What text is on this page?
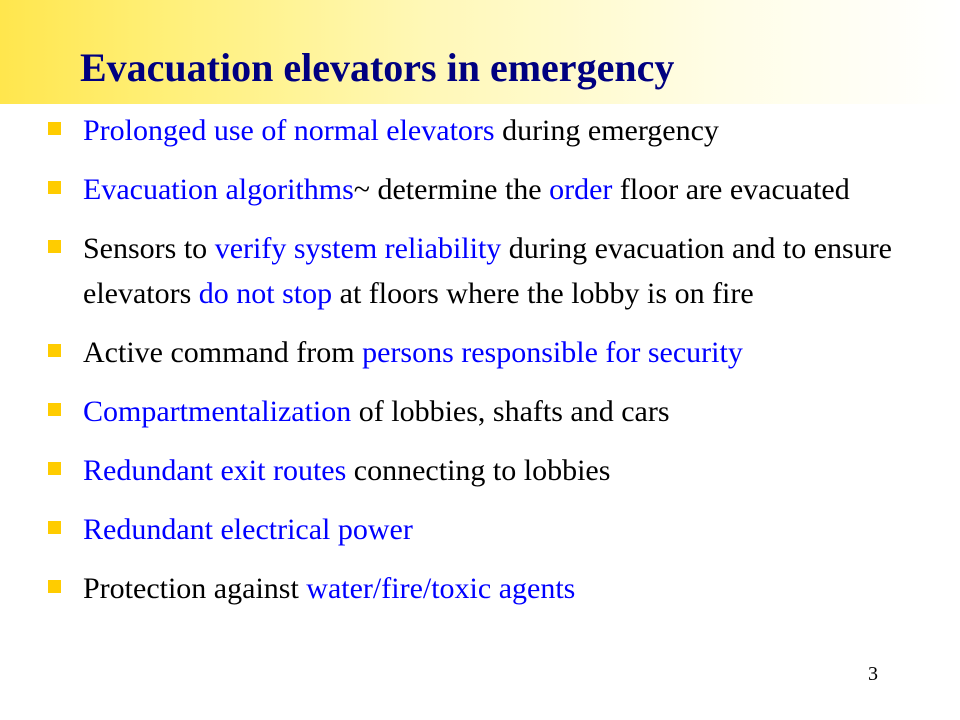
Evacuation elevators in emergency
Prolonged use of normal elevators during emergency
Evacuation algorithms~ determine the order floor are evacuated
Sensors to verify system reliability during evacuation and to ensure elevators do not stop at floors where the lobby is on fire
Active command from persons responsible for security
Compartmentalization of lobbies, shafts and cars
Redundant exit routes connecting to lobbies
Redundant electrical power
Protection against water/fire/toxic agents
3
